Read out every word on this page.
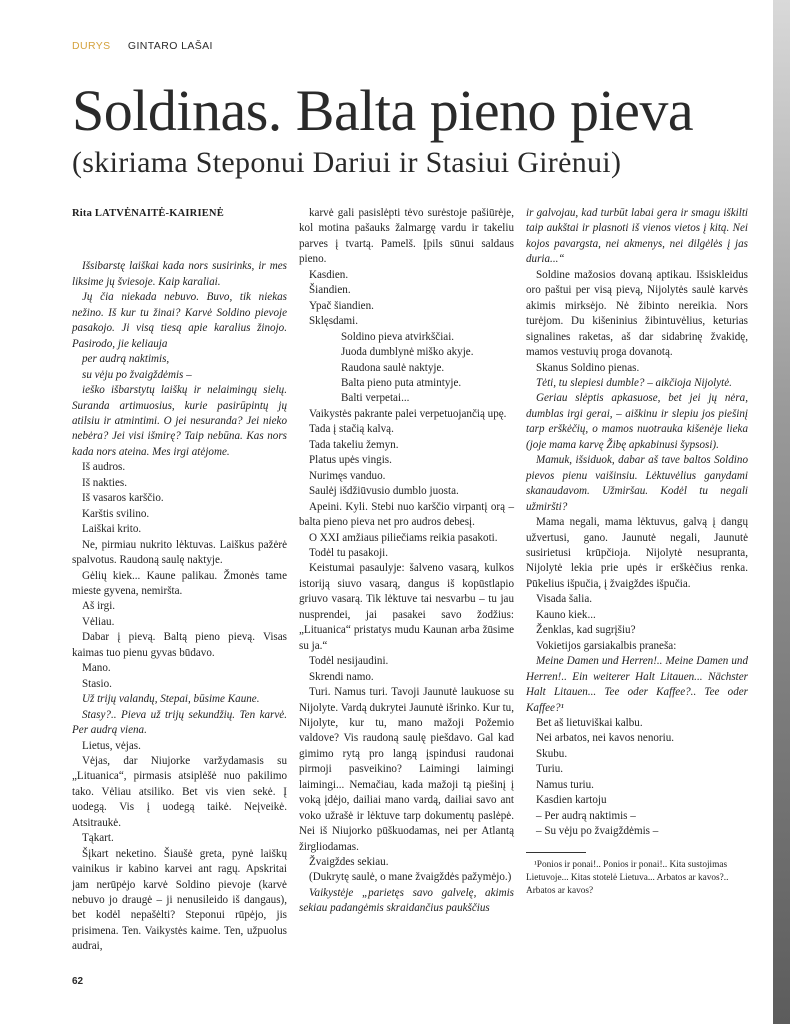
DURYS GINTARO LAŠAI
Soldinas. Balta pieno pieva
(skiriama Steponui Dariui ir Stasiui Girėnui)

Rita LATVĖNAITĖ-KAIRIENĖ

Išsibarstę laiškai kada nors susirinks, ir mes liksime jų šviesoje. Kaip karaliai.

Jų čia niekada nebuvo. Buvo, tik niekas nežino. Iš kur tu žinai? Karvė Soldino pievoje pasakojo. Ji visą tiesą apie karalius žinojo. Pasirodo, jie keliauja

per audrą naktimis,

su vėju po žvaigždėmis –

ieško išbarstytų laiškų ir nelaimingų sielų. Suranda artimuosius, kurie pasirūpintų jų atilsiu ir atmintimi. O jei nesuranda? Jei nieko nebėra? Jei visi išmirę? Taip nebūna. Kas nors kada nors ateina. Mes irgi atėjome.

Iš audros.

Iš nakties.

Iš vasaros karščio.

Karštis svilino.

Laiškai krito.

Ne, pirmiau nukrito lėktuvas. Laiškus pažėrė spalvotus. Raudoną saulę naktyje.

Gėlių kiek... Kaune palikau. Žmonės tame mieste gyvena, nemiršta.

Aš irgi.

Vėliau.

Dabar į pievą. Baltą pieno pievą. Visas kaimas tuo pienu gyvas būdavo.

Mano.

Stasio.

Už trijų valandų, Stepai, būsime Kaune.

Stasy?.. Pieva už trijų sekundžių. Ten karvė. Per audrą viena.

Lietus, vėjas.

Vėjas, dar Niujorke varžydamasis su „Lituanica“, pirmasis atsiplėšė nuo pakilimo tako. Vėliau atsiliko. Bet vis vien sekė. Į uodegą. Vis į uodegą taikė. Neįveikė. Atsitraukė.

Tąkart.

Šįkart neketino. Šiaušė greta, pynė laiškų vainikus ir kabino karvei ant ragų. Apskritai jam nerūpėjo karvė Soldino pievoje (karvė nebuvo jo draugė – ji nenusileido iš dangaus), bet kodėl nepašėlti? Steponui rūpėjo, jis prisimena. Ten. Vaikystės kaime. Ten, užpuolus audrai,

karvė gali pasislėpti tėvo surėstoje pašiūrėje, kol motina pašauks žalmargę vardu ir takeliu parves į tvartą. Pamelš. Įpils sūnui saldaus pieno.

Kasdien.

Šiandien.

Ypač šiandien.

Sklęsdami.

Soldino pieva atvirkščiai.

Juoda dumblynė miško akyje.

Raudona saulė naktyje.

Balta pieno puta atmintyje.

Balti verpetai...

Vaikystės pakrante palei verpetuojančią upę.

Tada į stačią kalvą.

Tada takeliu žemyn.

Platus upės vingis.

Nurimęs vanduo.

Saulėj išdžiūvusio dumblo juosta.

Apeini. Kyli. Stebi nuo karščio virpantį orą – balta pieno pieva net pro audros debesį.

O XXI amžiaus piliečiams reikia pasakoti.

Todėl tu pasakoji.

Keistumai pasaulyje: šalveno vasarą, kulkos istoriją siuvo vasarą, dangus iš kopūstlapio griuvo vasarą. Tik lėktuve tai nesvarbu – tu jau nusprendei, jai pasakei savo žodžius: „Lituanica“ pristatys mudu Kaunan arba žūsime su ja.“

Todėl nesijaudini.

Skrendi namo.

Turi. Namus turi. Tavoji Jaunutė laukuose su Nijolyte. Vardą dukrytei Jaunutė išrinko. Kur tu, Nijolyte, kur tu, mano mažoji Požemio valdove? Vis raudoną saulę piešdavo. Gal kad gimimo rytą pro langą įspindusi raudonai pirmoji pasveikino? Laimingi laimingi laimingi... Nemačiau, kada mažoji tą piešinį į voką įdėjo, dailiai mano vardą, dailiai savo ant voko užrašė ir lėktuve tarp dokumentų paslėpė. Nei iš Niujorko pūškuodamas, nei per Atlantą žirgliodamas.

Žvaigždes sekiau.

(Dukrytę saulė, o mane žvaigždės pažymėjo.)

Vaikystėje „parietęs savo galvelę, akimis sekiau padangėmis skraidančius paukščius

ir galvojau, kad turbūt labai gera ir smagu iškilti taip aukštai ir plasnoti iš vienos vietos į kitą. Nei kojos pavargsta, nei akmenys, nei dilgėlės į jas duria...“

Soldine mažosios dovaną aptikau. Išsiskleidus oro paštui per visą pievą, Nijolytės saulė karvės akimis mirksėjo. Nė žibinto nereikia. Nors turėjom. Du kišeninius žibintuvėlius, keturias signalines raketas, aš dar sidabrinę žvakidę, mamos vestuvių proga dovanotą.

Skanus Soldino pienas.

Tėti, tu slepiesi dumble? – aikčioja Nijolytė.

Geriau slėptis apkasuose, bet jei jų nėra, dumblas irgi gerai, – aiškinu ir slepiu jos piešinį tarp erškėčių, o mamos nuotrauka kišenėje lieka (joje mama karvę Žibę apkabinusi šypsosi).

Mamuk, išsiduok, dabar aš tave baltos Soldino pievos pienu vaišinsiu. Lėktuvėlius ganydami skanaudavom. Užmiršau. Kodėl tu negali užmiršti?

Mama negali, mama lėktuvus, galvą į dangų užvertusi, gano. Jaunutė negali, Jaunutė susirietusi krūpčioja. Nijolytė nesupranta, Nijolytė lekia prie upės ir erškėčius renka. Pūkelius išpučia, į žvaigždes išpučia.

Visada šalia.

Kauno kiek...

Ženklas, kad sugrįšiu?

Vokietijos garsiakalbis praneša:

Meine Damen und Herren!.. Meine Damen und Herren!.. Ein weiterer Halt Litauen... Nächster Halt Litauen... Tee oder Kaffee?.. Tee oder Kaffee?¹

Bet aš lietuviškai kalbu.

Nei arbatos, nei kavos nenoriu.

Skubu.

Turiu.

Namus turiu.

Kasdien kartoju

– Per audrą naktimis –

– Su vėju po žvaigždėmis –

¹Ponios ir ponai!.. Ponios ir ponai!.. Kita sustojimas Lietuvoje... Kitas stotelė Lietuva... Arbatos ar kavos?.. Arbatos ar kavos?

62
